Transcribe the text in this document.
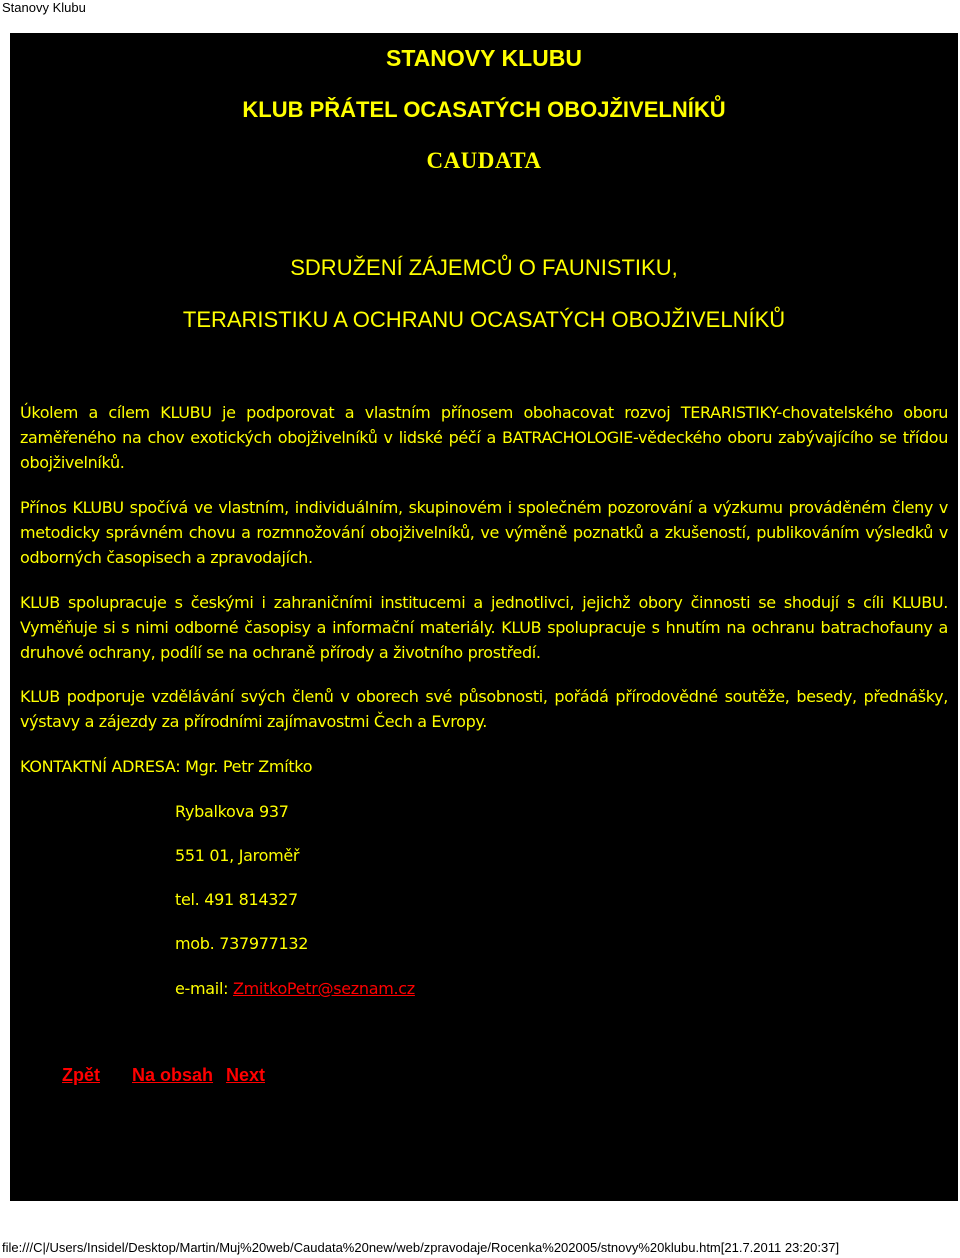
Stanovy Klubu
STANOVY KLUBU
KLUB PŘÁTEL OCASATÝCH OBOJŽIVELNÍKŮ
CAUDATA
SDRUŽENÍ ZÁJEMCŮ O FAUNISTIKU,
TERARISTIKU A OCHRANU OCASATÝCH OBOJŽIVELNÍKŮ
Úkolem a cílem KLUBU je podporovat a vlastním přínosem obohacovat rozvoj TERARISTIKY-chovatelského oboru zaměřeného na chov exotických obojživelníků v lidské péčí a BATRACHOLOGIE-vědeckého oboru zabývajícího se třídou obojživelníků.
Přínos KLUBU spočívá ve vlastním, individuálním, skupinovém i společném pozorování a výzkumu prováděném členy v metodicky správném chovu a rozmnožování obojživelníků, ve výměně poznatků a zkušeností, publikováním výsledků v odborných časopisech a zpravodajích.
KLUB spolupracuje s českými i zahraničními institucemi a jednotlivci, jejichž obory činnosti se shodují s cíli KLUBU. Vyměňuje si s nimi odborné časopisy a informační materiály. KLUB spolupracuje s hnutím na ochranu batrachofauny a druhové ochrany, podílí se na ochraně přírody a životního prostředí.
KLUB podporuje vzdělávání svých členů v oborech své působnosti, pořádá přírodovědné soutěže, besedy, přednášky, výstavy a zájezdy za přírodními zajímavostmi Čech a Evropy.
KONTAKTNÍ ADRESA: Mgr. Petr Zmítko
Rybalkova 937
551 01, Jaroměř
tel. 491 814327
mob. 737977132
e-mail: ZmitkoPetr@seznam.cz
Zpět Na obsah Next
file:///C|/Users/Insidel/Desktop/Martin/Muj%20web/Caudata%20new/web/zpravodaje/Rocenka%202005/stnovy%20klubu.htm[21.7.2011 23:20:37]
